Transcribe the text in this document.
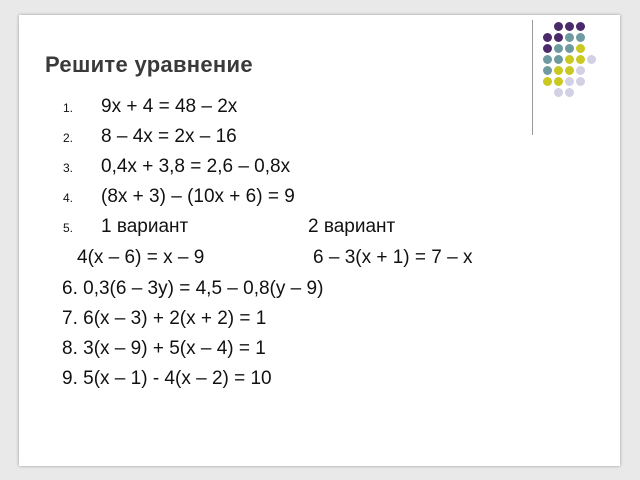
Решите уравнение
1. 9x + 4 = 48 – 2x
2. 8 – 4x = 2x – 16
3. 0,4x + 3,8 = 2,6 – 0,8x
4. (8x + 3) – (10x + 6) = 9
5. 1 вариант	2 вариант
4(x – 6) = x – 9	6 – 3(x + 1) = 7 – x
6. 0,3(6 – 3y) = 4,5 – 0,8(y – 9)
7. 6(x – 3) + 2(x + 2) = 1
8. 3(x – 9) + 5(x – 4) = 1
9. 5(x – 1) - 4(x – 2) = 10
